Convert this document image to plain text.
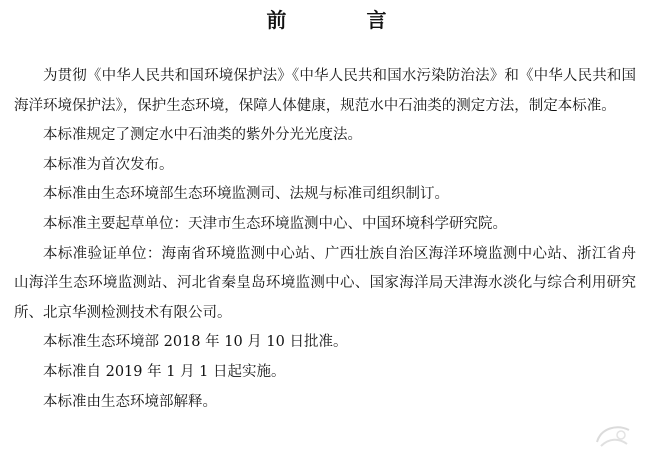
前　言

为贯彻《中华人民共和国环境保护法》《中华人民共和国水污染防治法》和《中华人民共和国海洋环境保护法》，保护生态环境，保障人体健康，规范水中石油类的测定方法，制定本标准。

本标准规定了测定水中石油类的紫外分光光度法。

本标准为首次发布。

本标准由生态环境部生态环境监测司、法规与标准司组织制订。

本标准主要起草单位：天津市生态环境监测中心、中国环境科学研究院。

本标准验证单位：海南省环境监测中心站、广西壮族自治区海洋环境监测中心站、浙江省舟山海洋生态环境监测站、河北省秦皇岛环境监测中心、国家海洋局天津海水淡化与综合利用研究所、北京华测检测技术有限公司。

本标准生态环境部 2018 年 10 月 10 日批准。

本标准自 2019 年 1 月 1 日起实施。

本标准由生态环境部解释。
